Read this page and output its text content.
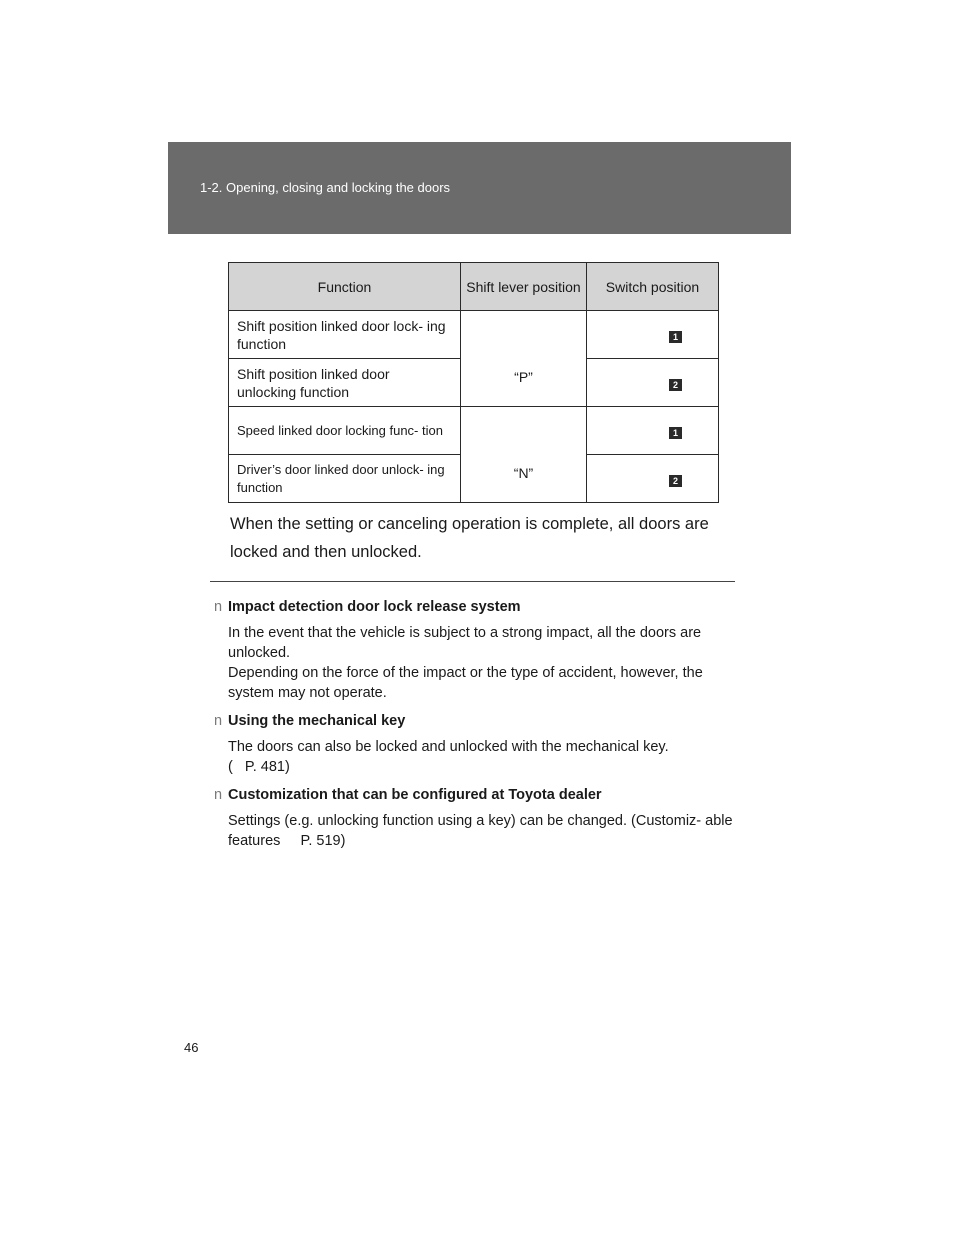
1-2. Opening, closing and locking the doors
Function	Shift lever position	Switch position
Shift position linked door lock- ing function	“P”	1
Shift position linked door unlocking function		2
Speed linked door locking func- tion	“N”	1
Driver’s door linked door unlock- ing function		2
When the setting or canceling operation is complete, all doors are locked and then unlocked.
n Impact detection door lock release system
In the event that the vehicle is subject to a strong impact, all the doors are unlocked.
Depending on the force of the impact or the type of accident, however, the system may not operate.
n Using the mechanical key
The doors can also be locked and unlocked with the mechanical key.
(   P. 481)
n Customization that can be configured at Toyota dealer
Settings (e.g. unlocking function using a key) can be changed. (Customiz- able features     P. 519)
46
